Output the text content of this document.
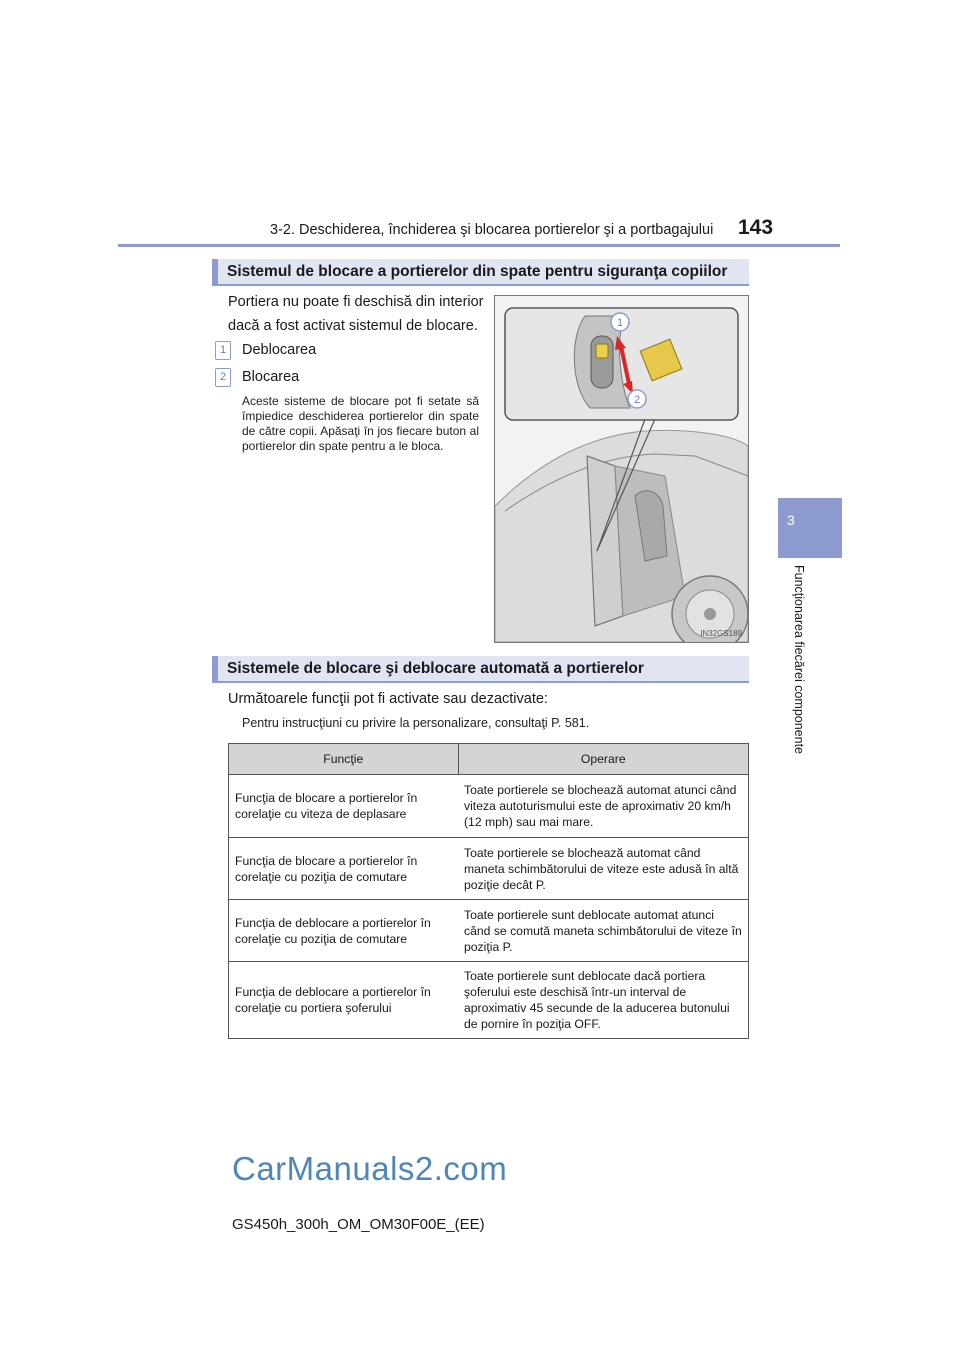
3-2. Deschiderea, închiderea şi blocarea portierelor şi a portbagajului 143
3
Funcţionarea fiecărei componente
Sistemul de blocare a portierelor din spate pentru siguranţa copiilor
Portiera nu poate fi deschisă din interior
dacă a fost activat sistemul de blocare.
1	Deblocarea
2	Blocarea
Aceste sisteme de blocare pot fi setate să împiedice deschiderea portierelor din spate de către copii. Apăsaţi în jos fiecare buton al portierelor din spate pentru a le bloca.
1
2
IN32GS189
Sistemele de blocare şi deblocare automată a portierelor
Următoarele funcţii pot fi activate sau dezactivate:
Pentru instrucţiuni cu privire la personalizare, consultaţi P. 581.
Funcţie	Operare
Funcţia de blocare a portierelor în corelaţie cu viteza de deplasare	Toate portierele se blochează automat atunci când viteza autoturismului este de aproximativ 20 km/h (12 mph) sau mai mare.
Funcţia de blocare a portierelor în corelaţie cu poziţia de comutare	Toate portierele se blochează automat când maneta schimbătorului de viteze este adusă în altă poziţie decât P.
Funcţia de deblocare a portierelor în corelaţie cu poziţia de comutare	Toate portierele sunt deblocate automat atunci când se comută maneta schimbătorului de viteze în poziţia P.
Funcţia de deblocare a portierelor în corelaţie cu portiera şoferului	Toate portierele sunt deblocate dacă portiera şoferului este deschisă într-un interval de aproximativ 45 secunde de la aducerea butonului de pornire în poziţia OFF.
CarManuals2.com
GS450h_300h_OM_OM30F00E_(EE)
